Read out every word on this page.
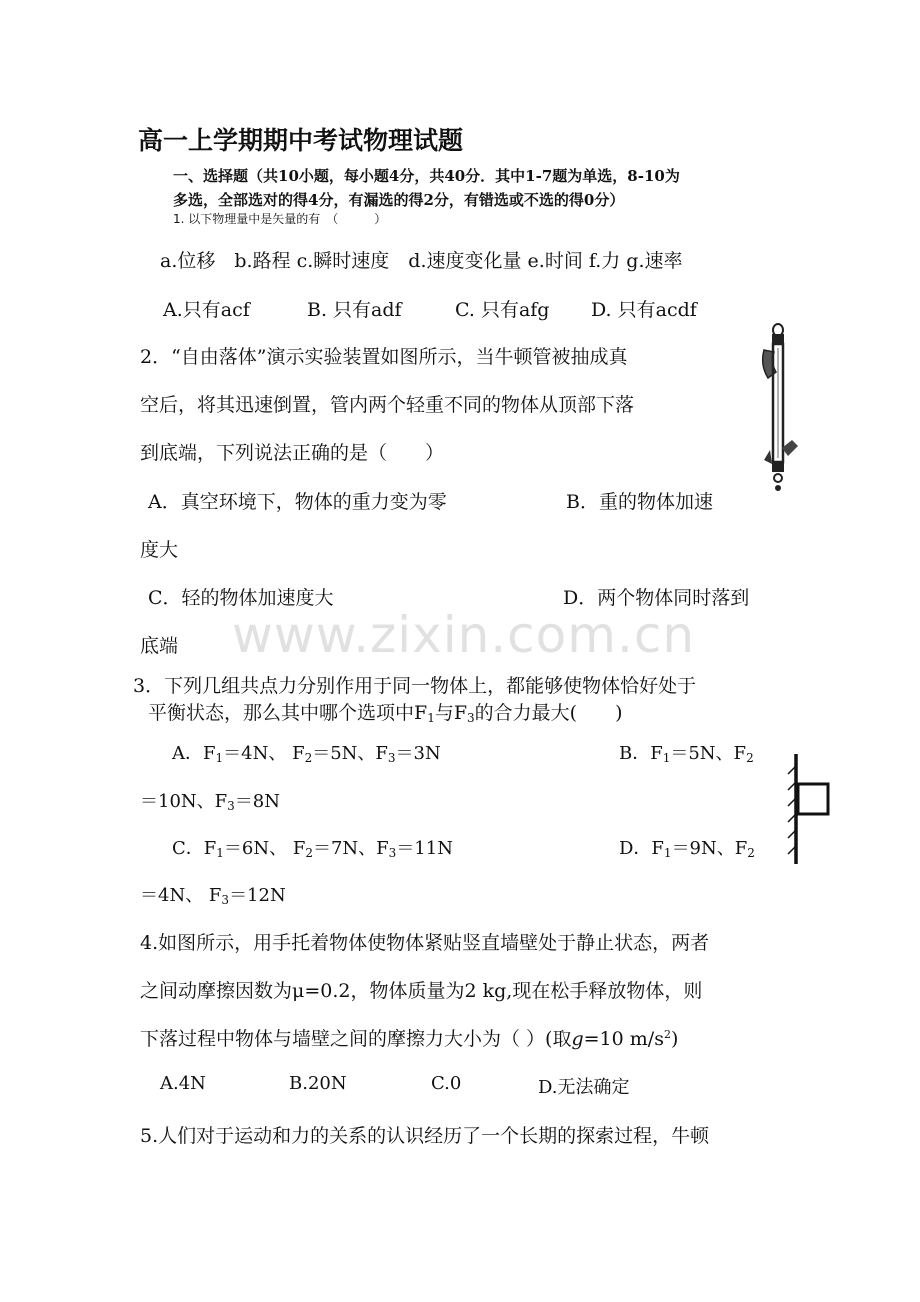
高一上学期期中考试物理试题

一、选择题（共10小题，每小题4分，共40分．其中1-7题为单选，8-10为

多选，全部选对的得4分，有漏选的得2分，有错选或不选的得0分）

1. 以下物理量中是矢量的有　（　　　）

a.位移　b.路程 c.瞬时速度　d.速度变化量 e.时间 f.力 g.速率

A.只有acf	B. 只有adf	C. 只有afg D. 只有acdf

2．“自由落体”演示实验装置如图所示，当牛顿管被抽成真

空后，将其迅速倒置，管内两个轻重不同的物体从顶部下落

到底端，下列说法正确的是（　　）

A．真空环境下，物体的重力变为零	B．重的物体加速

度大

C．轻的物体加速度大	D．两个物体同时落到

底端 www.zixin.com.cn

3．下列几组共点力分别作用于同一物体上，都能够使物体恰好处于

平衡状态，那么其中哪个选项中$F_1$与$F_3$的合力最大(　　)

A．$F_1=4N$、 $F_2=5N$、$F_3=3N$	B．$F_1=5N$、$F_2$

＝10N、$F_3=8N$

C．$F_1=6N$、 $F_2=7N$、$F_3=11N$	D．$F_1=9N$、$F_2$

＝4N、 $F_3=12N$

4.如图所示，用手托着物体使物体紧贴竖直墙壁处于静止状态，两者

之间动摩擦因数为μ=0.2，物体质量为2 kg,现在松手释放物体，则

下落过程中物体与墙壁之间的摩擦力大小为（ ）(取g=10 $m/s^2$)

A.4N	B.20N	C.0	D.无法确定

5.人们对于运动和力的关系的认识经历了一个长期的探索过程，牛顿
